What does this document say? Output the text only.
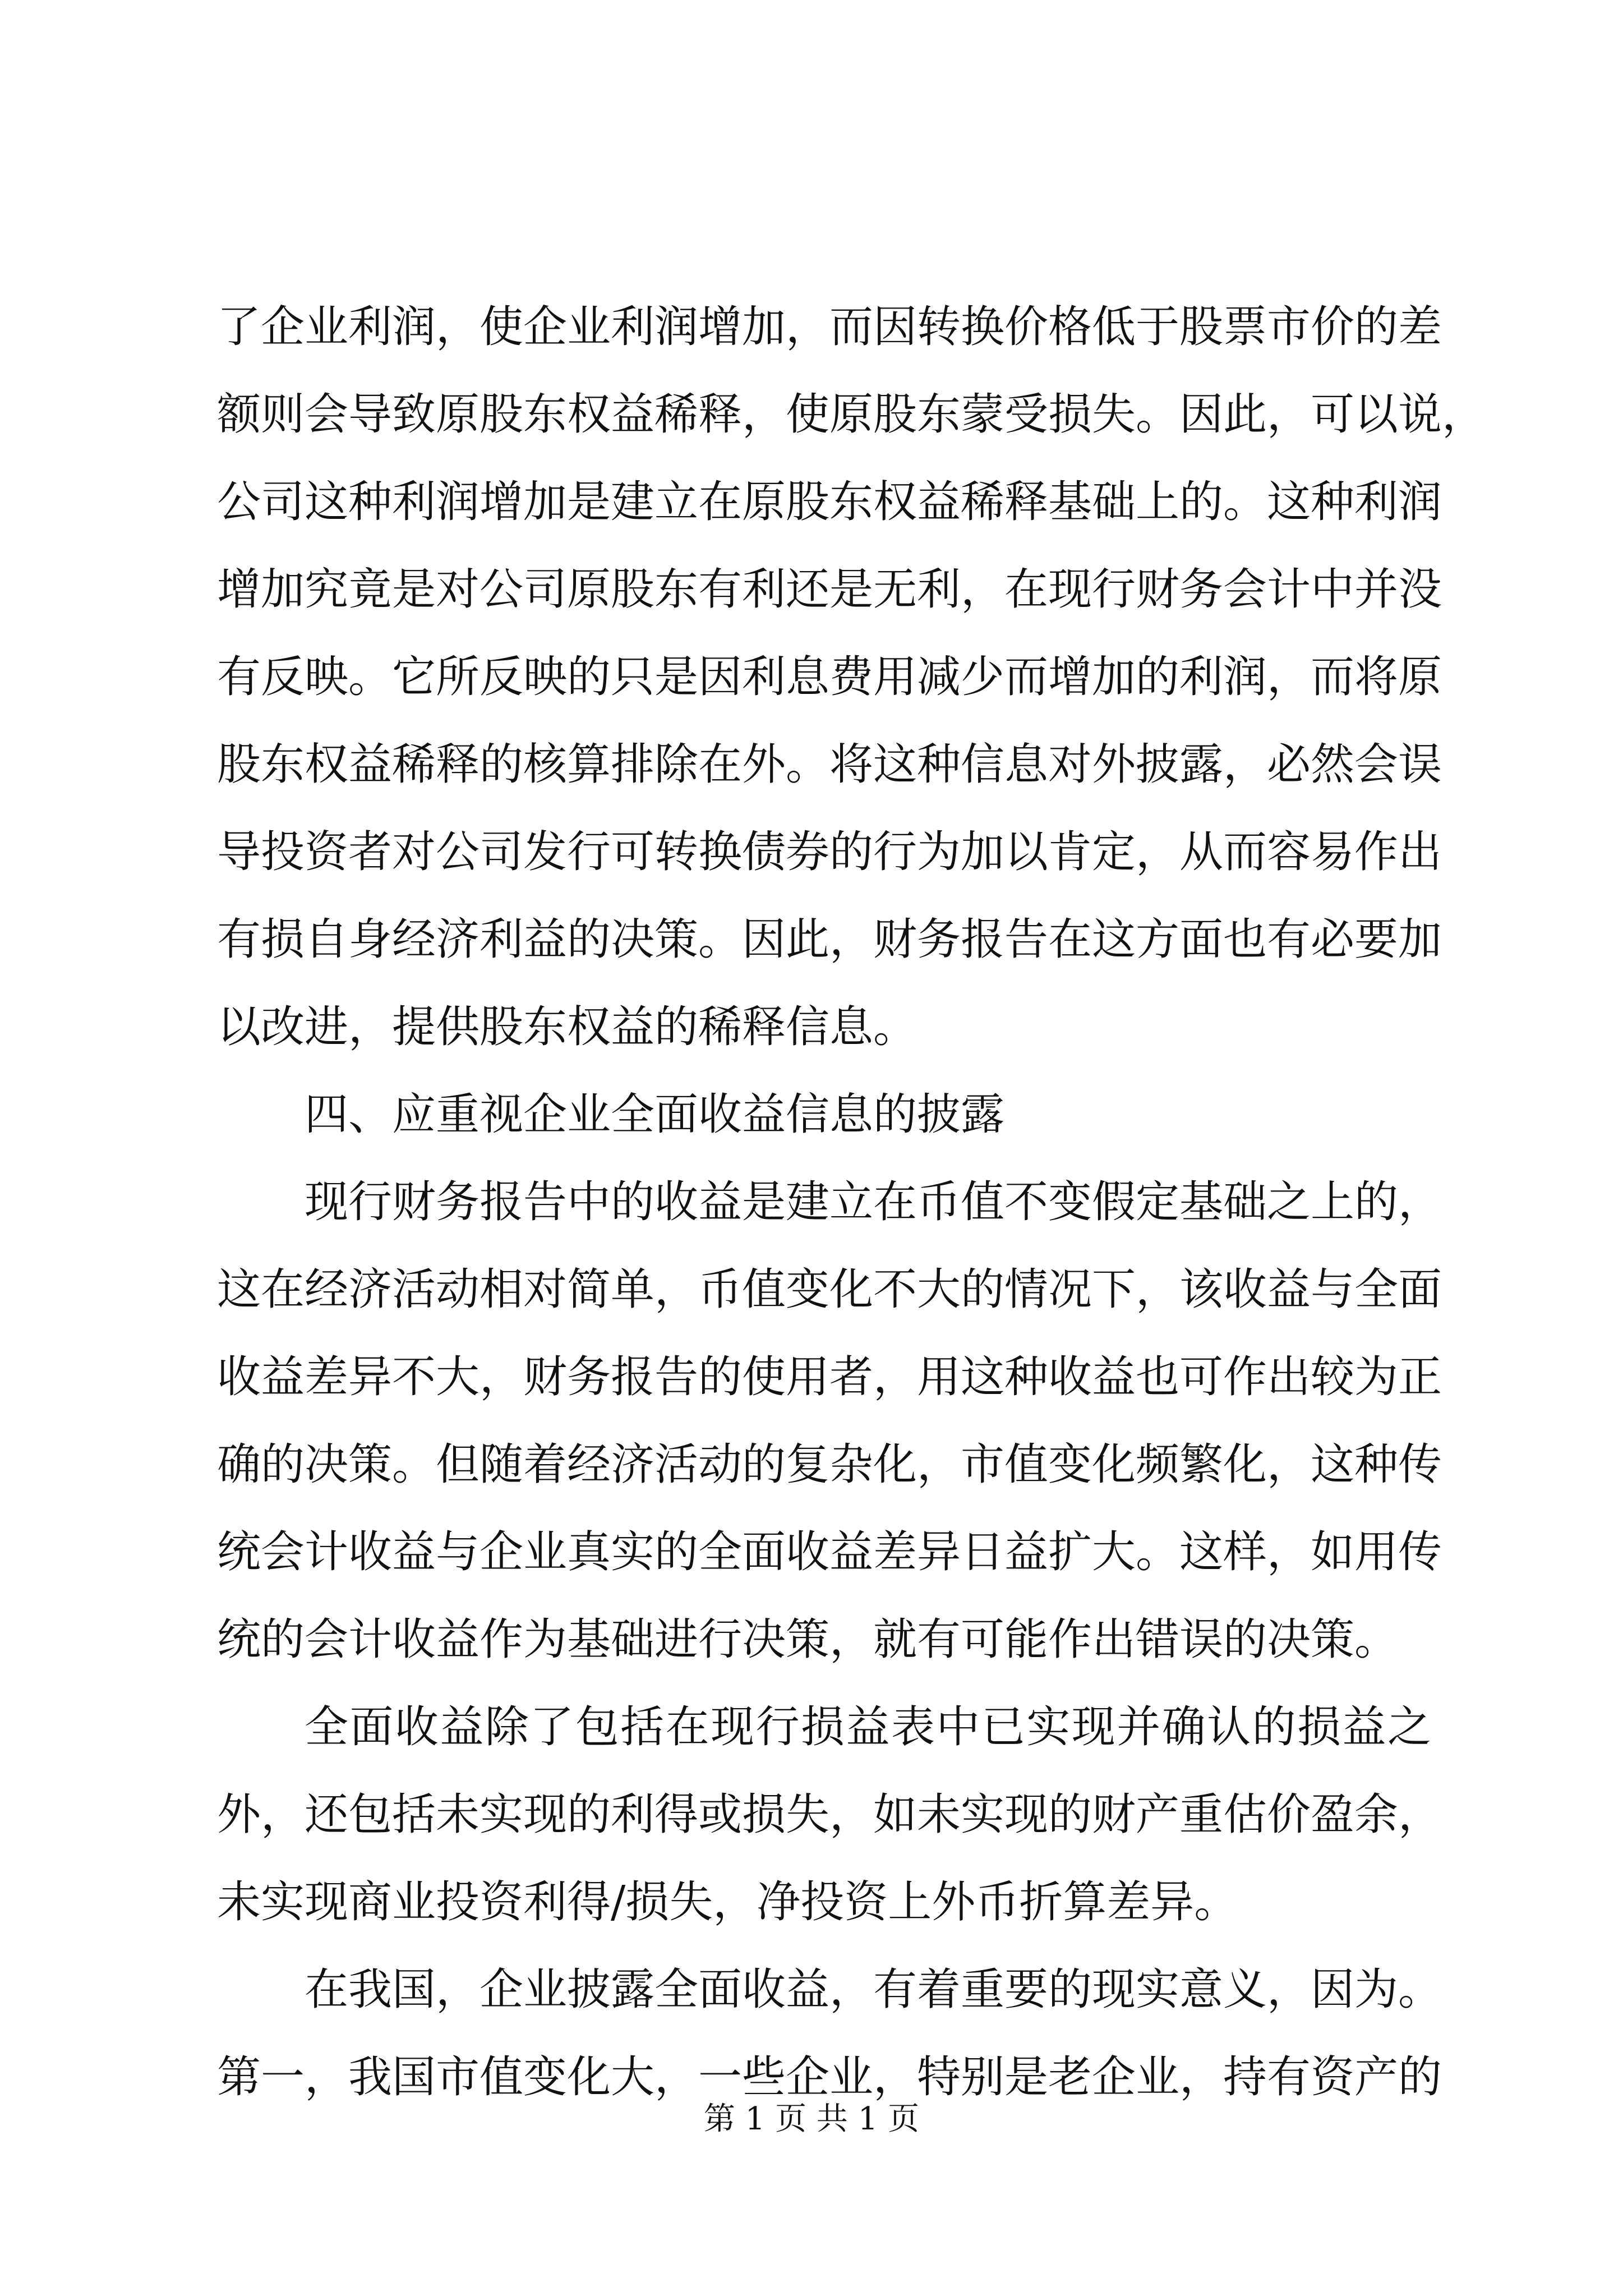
了企业利润，使企业利润增加，而因转换价格低于股票市价的差
额则会导致原股东权益稀释，使原股东蒙受损失。因此，可以说，
公司这种利润增加是建立在原股东权益稀释基础上的。这种利润
增加究竟是对公司原股东有利还是无利，在现行财务会计中并没
有反映。它所反映的只是因利息费用减少而增加的利润，而将原
股东权益稀释的核算排除在外。将这种信息对外披露，必然会误
导投资者对公司发行可转换债券的行为加以肯定，从而容易作出
有损自身经济利益的决策。因此，财务报告在这方面也有必要加
以改进，提供股东权益的稀释信息。
四、应重视企业全面收益信息的披露
现行财务报告中的收益是建立在币值不变假定基础之上的，
这在经济活动相对简单，币值变化不大的情况下，该收益与全面
收益差异不大，财务报告的使用者，用这种收益也可作出较为正
确的决策。但随着经济活动的复杂化，市值变化频繁化，这种传
统会计收益与企业真实的全面收益差异日益扩大。这样，如用传
统的会计收益作为基础进行决策，就有可能作出错误的决策。
全面收益除了包括在现行损益表中已实现并确认的损益之
外，还包括未实现的利得或损失，如未实现的财产重估价盈余，
未实现商业投资利得/损失，净投资上外币折算差异。
在我国，企业披露全面收益，有着重要的现实意义，因为。
第一，我国市值变化大，一些企业，特别是老企业，持有资产的
第 1 页 共 1 页
